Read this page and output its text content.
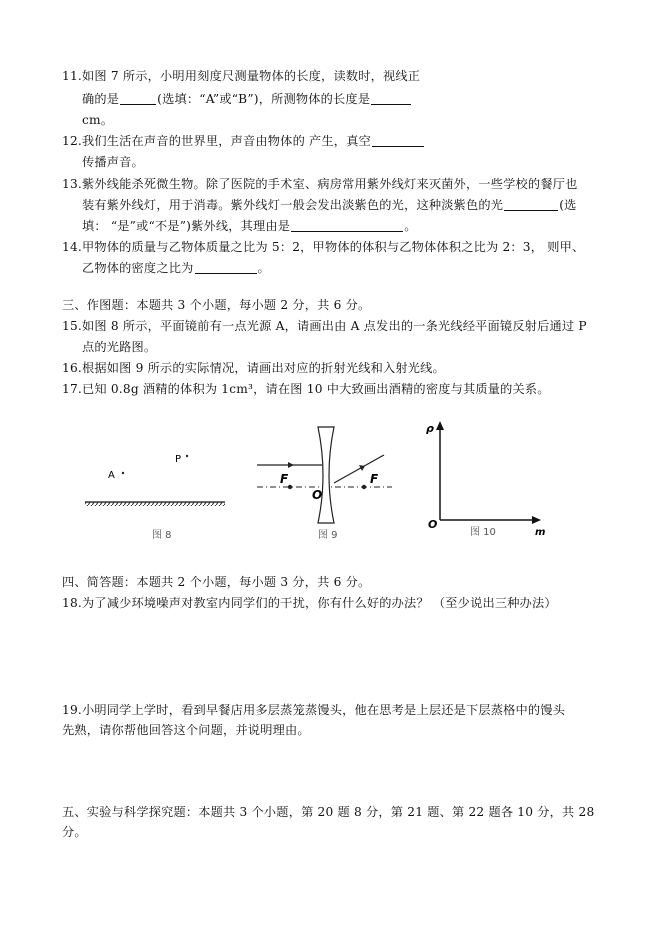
11.如图 7 所示，小明用刻度尺测量物体的长度，读数时，视线正
确的是	(选填：“A”或“B”)，所测物体的长度是
cm。
12.我们生活在声音的世界里，声音由物体的 产生，真空
传播声音。
13.紫外线能杀死微生物。除了医院的手术室、病房常用紫外线灯来灭菌外，一些学校的餐厅也
装有紫外线灯，用于消毒。紫外线灯一般会发出淡紫色的光，这种淡紫色的光	(选
填： “是”或“不是”)紫外线，其理由是	。
14.甲物体的质量与乙物体质量之比为 5：2，甲物体的体积与乙物体体积之比为 2：3， 则甲、
乙物体的密度之比为	。
三、作图题：本题共 3 个小题，每小题 2 分，共 6 分。
15.如图 8 所示，平面镜前有一点光源 A，请画出由 A 点发出的一条光线经平面镜反射后通过 P
点的光路图。
16.根据如图 9 所示的实际情况，请画出对应的折射光线和入射光线。
17.已知 0.8g 酒精的体积为 1cm³，请在图 10 中大致画出酒精的密度与其质量的关系。
A
P
图 8
F
O
F
图 9
ρ
O
m
图 10
四、简答题：本题共 2 个小题，每小题 3 分，共 6 分。
18.为了减少环境噪声对教室内同学们的干扰，你有什么好的办法？ （至少说出三种办法）
19.小明同学上学时，看到早餐店用多层蒸笼蒸馒头，他在思考是上层还是下层蒸格中的馒头
先熟，请你帮他回答这个问题，并说明理由。
五、实验与科学探究题：本题共 3 个小题，第 20 题 8 分，第 21 题、第 22 题各 10 分，共 28
分。
